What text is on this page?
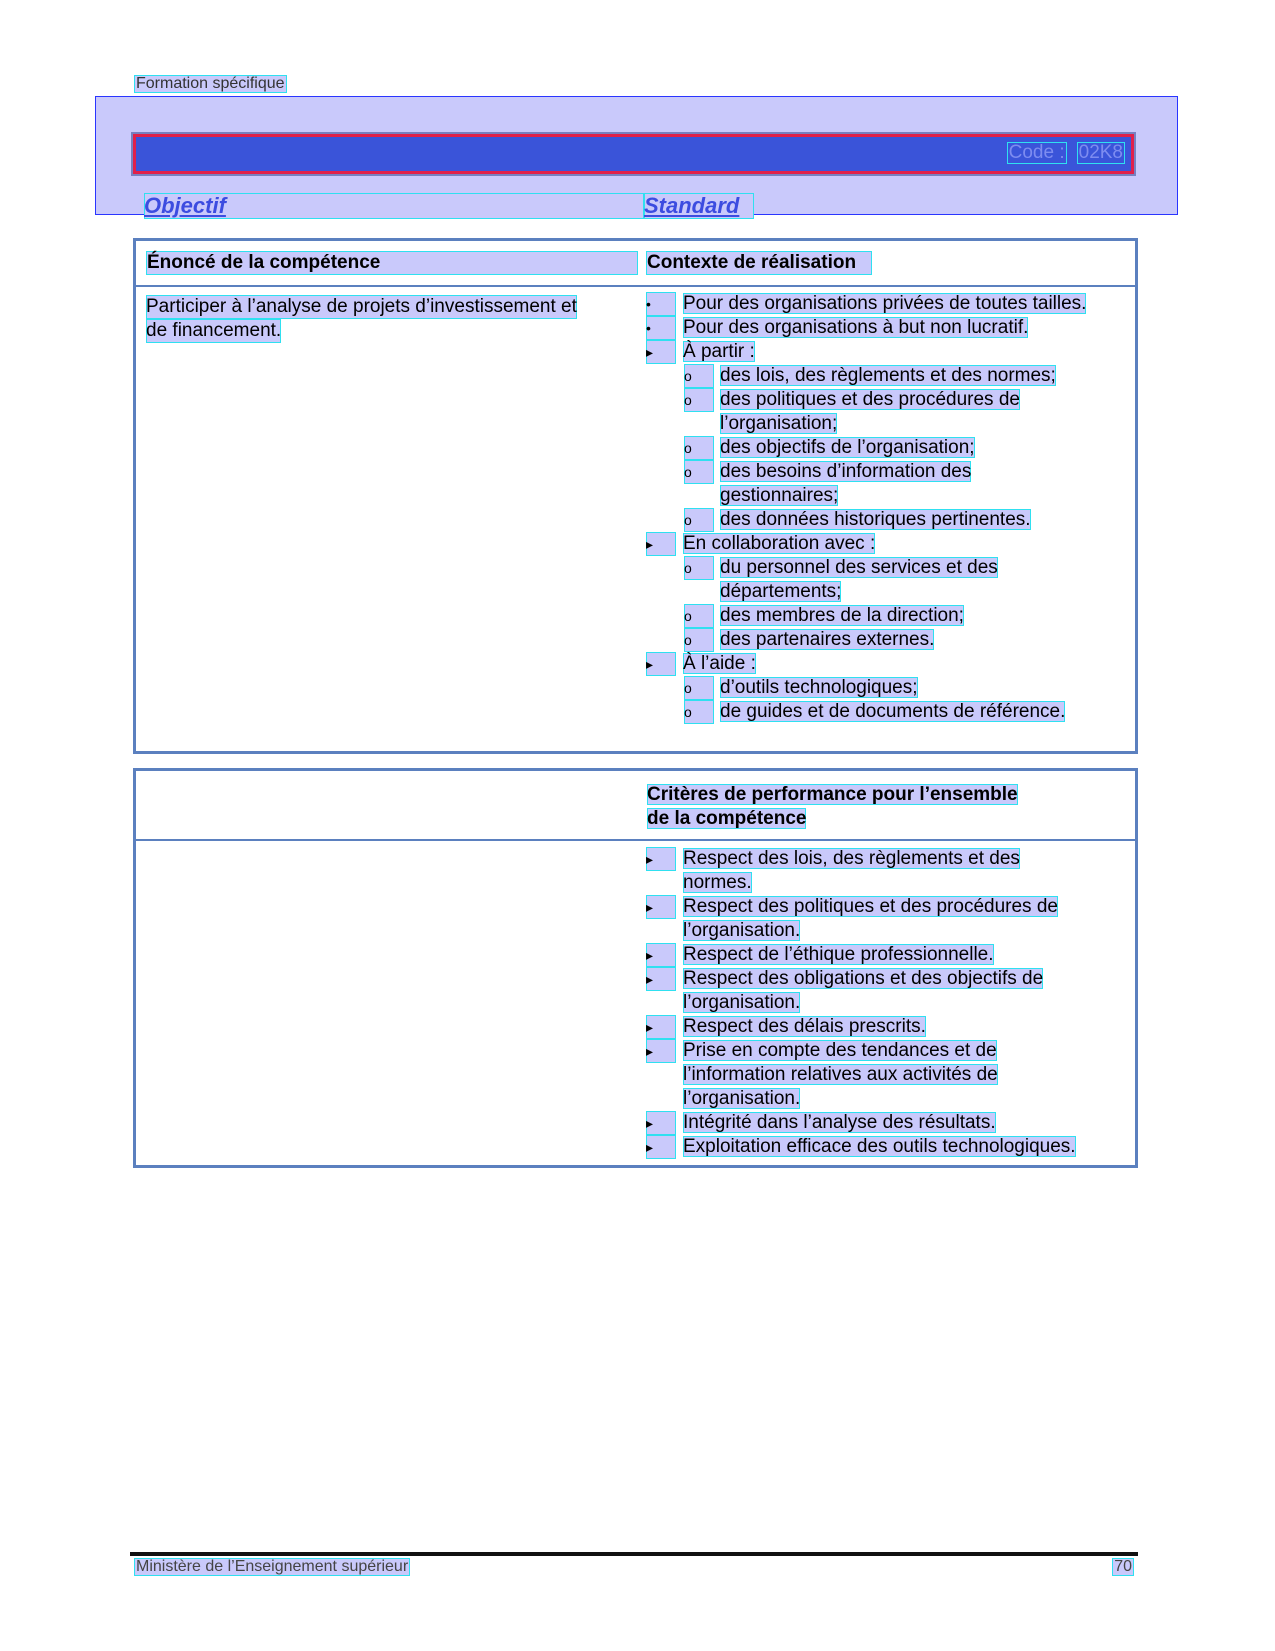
Formation spécifique
Code : 02K8
Objectif	Standard
Énoncé de la compétence	Contexte de réalisation
Participer à l’analyse de projets d’investissement et
de financement.
•	Pour des organisations privées de toutes tailles.
•	Pour des organisations à but non lucratif.
▸	À partir :
o	des lois, des règlements et des normes;
o	des politiques et des procédures de
l’organisation;
o	des objectifs de l’organisation;
o	des besoins d’information des
gestionnaires;
o	des données historiques pertinentes.
▸	En collaboration avec :
o	du personnel des services et des
départements;
o	des membres de la direction;
o	des partenaires externes.
▸	À l’aide :
o	d’outils technologiques;
o	de guides et de documents de référence.
Critères de performance pour l’ensemble
de la compétence
▸	Respect des lois, des règlements et des
normes.
▸	Respect des politiques et des procédures de
l’organisation.
▸	Respect de l’éthique professionnelle.
▸	Respect des obligations et des objectifs de
l’organisation.
▸	Respect des délais prescrits.
▸	Prise en compte des tendances et de
l’information relatives aux activités de
l’organisation.
▸	Intégrité dans l’analyse des résultats.
▸	Exploitation efficace des outils technologiques.
Ministère de l’Enseignement supérieur	70
